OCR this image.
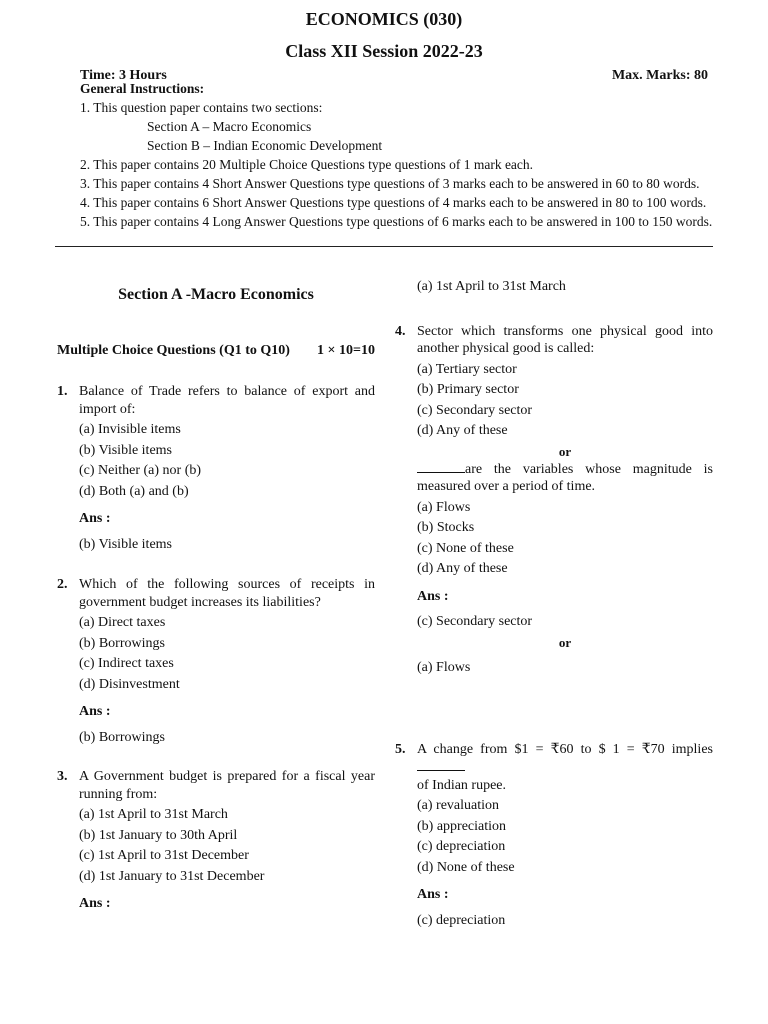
ECONOMICS (030)

Class XII Session 2022-23

Time: 3 Hours	Max. Marks: 80
General Instructions:
1. This question paper contains two sections:
Section A – Macro Economics
Section B – Indian Economic Development
2. This paper contains 20 Multiple Choice Questions type questions of 1 mark each.
3. This paper contains 4 Short Answer Questions type questions of 3 marks each to be answered in 60 to 80 words.
4. This paper contains 6 Short Answer Questions type questions of 4 marks each to be answered in 80 to 100 words.
5. This paper contains 4 Long Answer Questions type questions of 6 marks each to be answered in 100 to 150 words.

Section A -Macro Economics

Multiple Choice Questions (Q1 to Q10) 1 × 10=10
1. Balance of Trade refers to balance of export and import of:
(a) Invisible items
(b) Visible items
(c) Neither (a) nor (b)
(d) Both (a) and (b)
Ans :
(b) Visible items
2. Which of the following sources of receipts in government budget increases its liabilities?
(a) Direct taxes
(b) Borrowings
(c) Indirect taxes
(d) Disinvestment
Ans :
(b) Borrowings
3. A Government budget is prepared for a fiscal year running from:
(a) 1st April to 31st March
(b) 1st January to 30th April
(c) 1st April to 31st December
(d) 1st January to 31st December
Ans :
(a) 1st April to 31st March
4. Sector which transforms one physical good into another physical good is called:
(a) Tertiary sector
(b) Primary sector
(c) Secondary sector
(d) Any of these
or
are the variables whose magnitude is measured over a period of time.
(a) Flows
(b) Stocks
(c) None of these
(d) Any of these
Ans :
(c) Secondary sector
or
(a) Flows
5. A change from $1 = ₹60 to $ 1 = ₹70 implies
of Indian rupee.
(a) revaluation
(b) appreciation
(c) depreciation
(d) None of these
Ans :
(c) depreciation
